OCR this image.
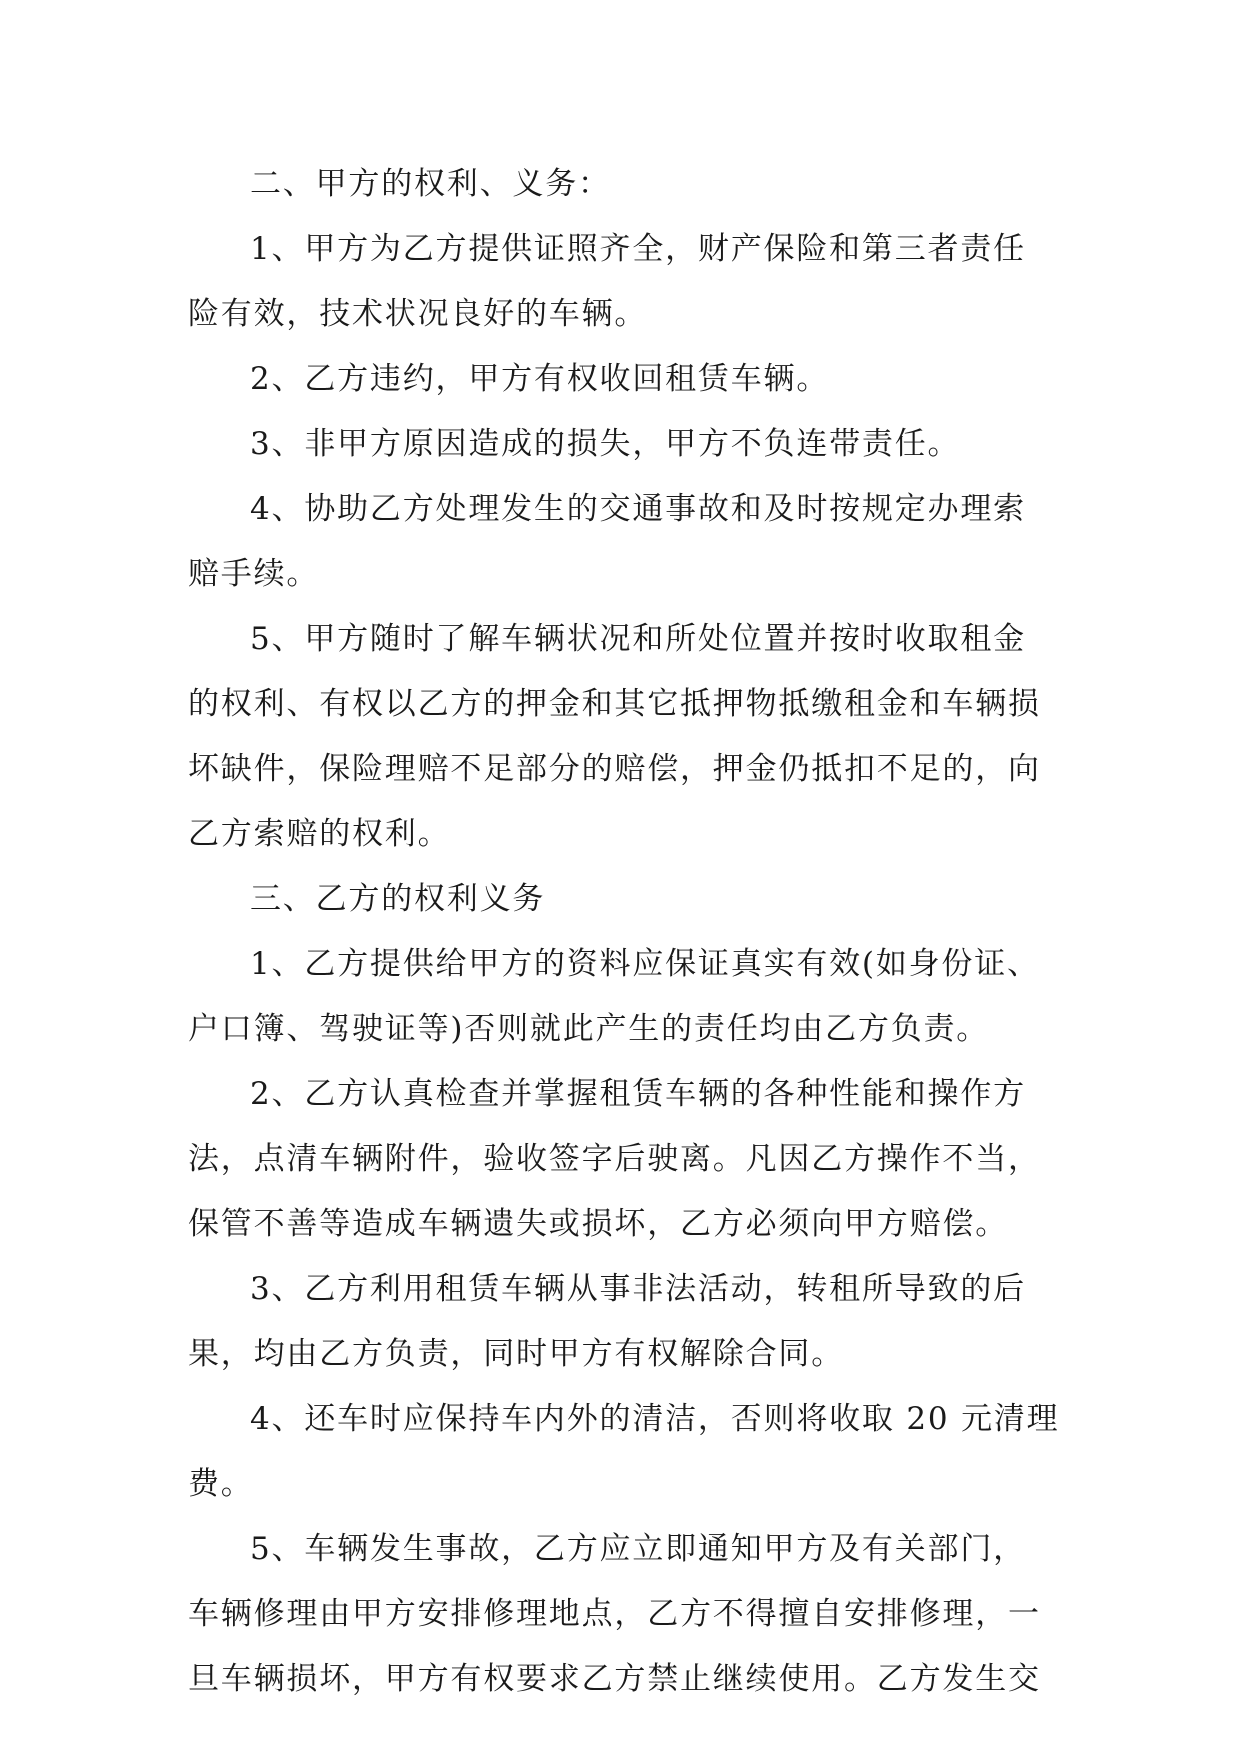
二、甲方的权利、义务：
1、甲方为乙方提供证照齐全，财产保险和第三者责任
险有效，技术状况良好的车辆。
2、乙方违约，甲方有权收回租赁车辆。
3、非甲方原因造成的损失，甲方不负连带责任。
4、协助乙方处理发生的交通事故和及时按规定办理索
赔手续。
5、甲方随时了解车辆状况和所处位置并按时收取租金
的权利、有权以乙方的押金和其它抵押物抵缴租金和车辆损
坏缺件，保险理赔不足部分的赔偿，押金仍抵扣不足的，向
乙方索赔的权利。
三、乙方的权利义务
1、乙方提供给甲方的资料应保证真实有效(如身份证、
户口簿、驾驶证等)否则就此产生的责任均由乙方负责。
2、乙方认真检查并掌握租赁车辆的各种性能和操作方
法，点清车辆附件，验收签字后驶离。凡因乙方操作不当，
保管不善等造成车辆遗失或损坏，乙方必须向甲方赔偿。
3、乙方利用租赁车辆从事非法活动，转租所导致的后
果，均由乙方负责，同时甲方有权解除合同。
4、还车时应保持车内外的清洁，否则将收取 20 元清理
费。
5、车辆发生事故，乙方应立即通知甲方及有关部门，
车辆修理由甲方安排修理地点，乙方不得擅自安排修理，一
旦车辆损坏，甲方有权要求乙方禁止继续使用。乙方发生交
